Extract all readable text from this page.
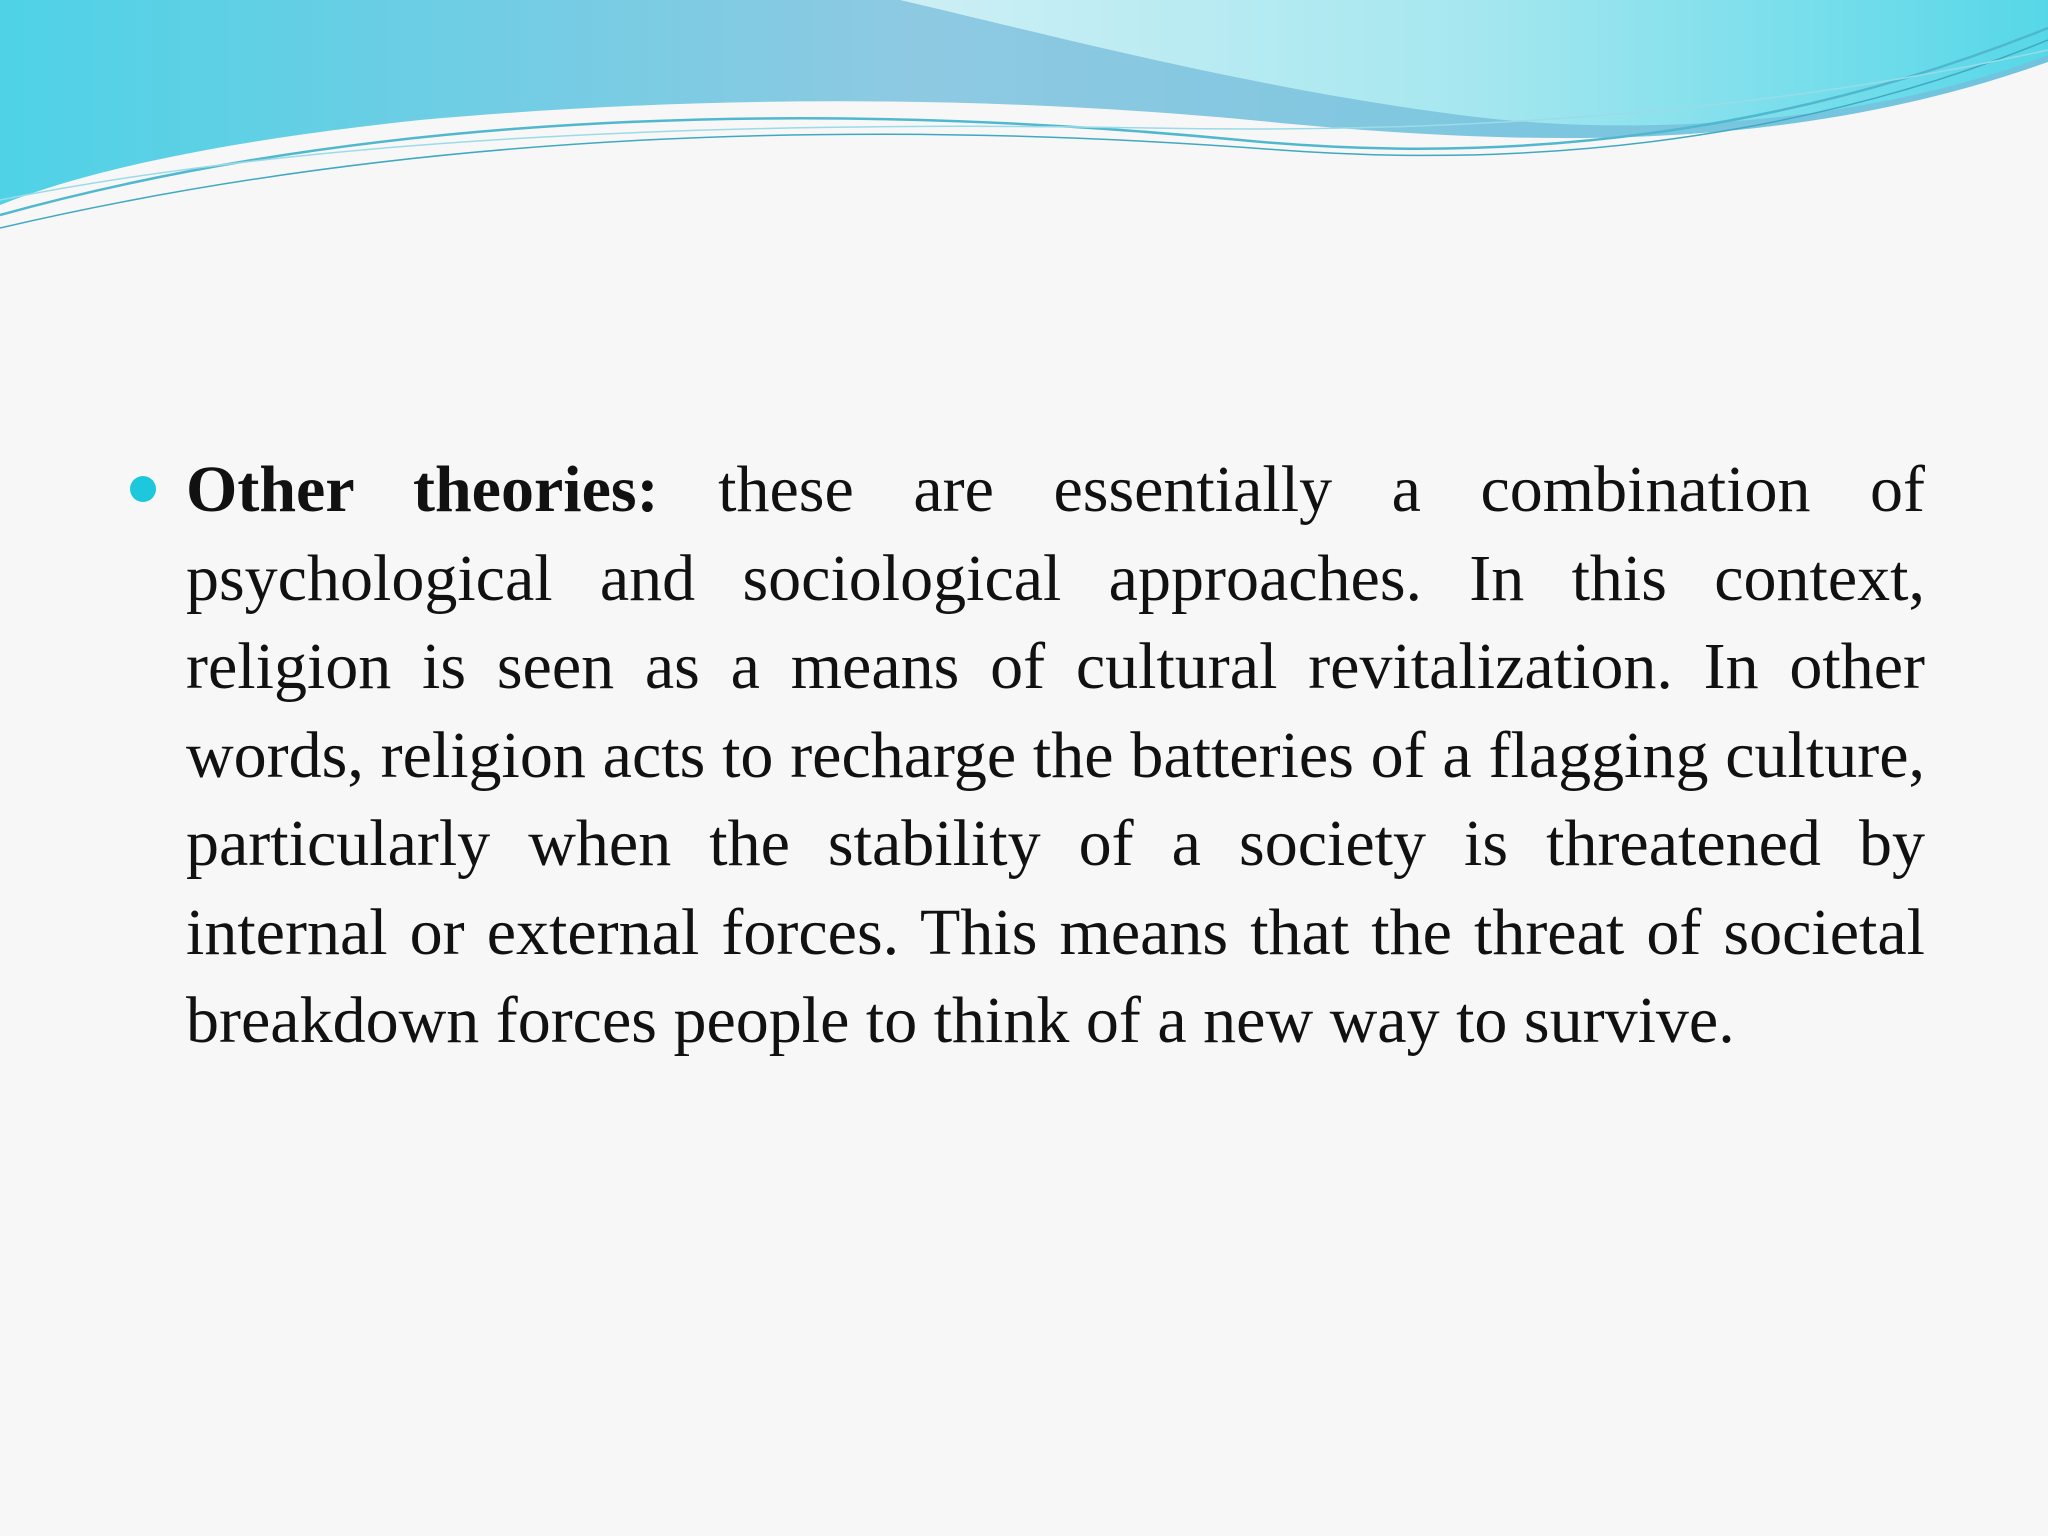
Other theories: these are essentially a combination of psychological and sociological approaches. In this context, religion is seen as a means of cultural revitalization. In other words, religion acts to recharge the batteries of a flagging culture, particularly when the stability of a society is threatened by internal or external forces. This means that the threat of societal breakdown forces people to think of a new way to survive.
